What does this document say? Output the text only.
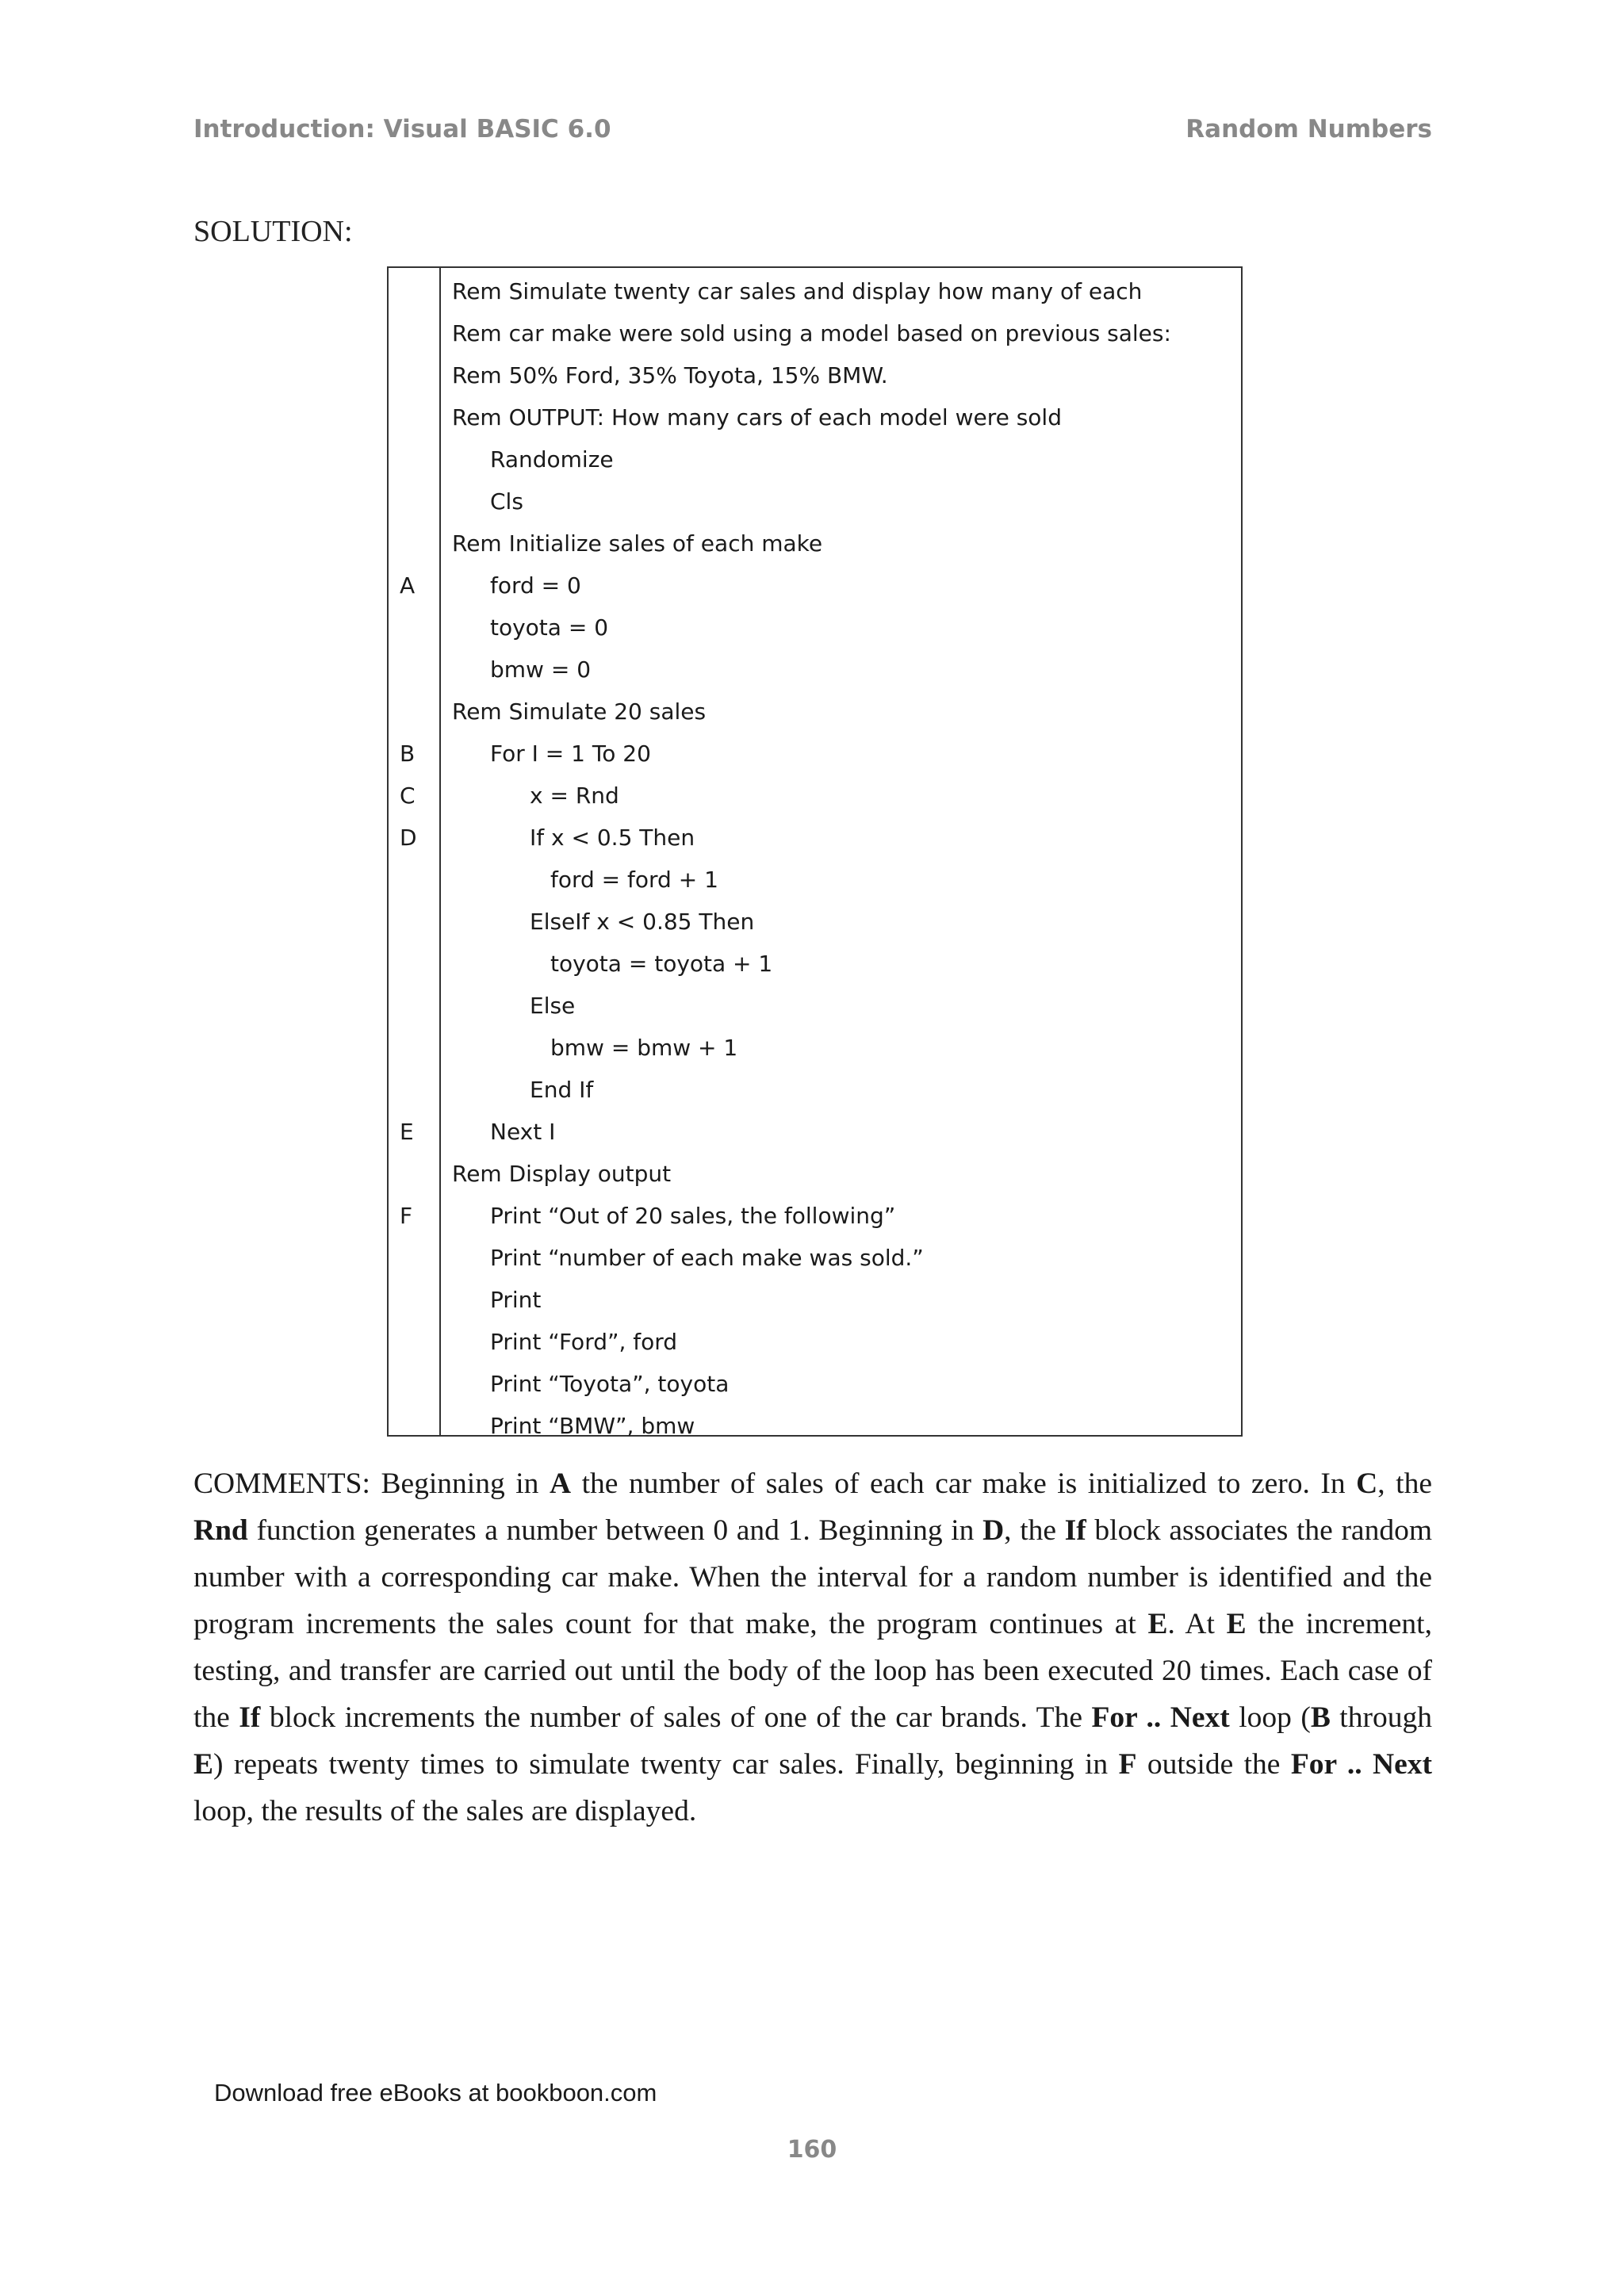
Introduction: Visual BASIC 6.0	Random Numbers
SOLUTION:
Rem Simulate twenty car sales and display how many of each
Rem car make were sold using a model based on previous sales:
Rem 50% Ford, 35% Toyota, 15% BMW.
Rem OUTPUT: How many cars of each model were sold
Randomize
Cls
Rem Initialize sales of each make
A	ford = 0
toyota = 0
bmw = 0
Rem Simulate 20 sales
B	For I = 1 To 20
C	x = Rnd
D	If x < 0.5 Then
ford = ford + 1
ElseIf x < 0.85 Then
toyota = toyota + 1
Else
bmw = bmw + 1
End If
E	Next I
Rem Display output
F	Print “Out of 20 sales, the following”
Print “number of each make was sold.”
Print
Print “Ford”, ford
Print “Toyota”, toyota
Print “BMW”, bmw
COMMENTS: Beginning in A the number of sales of each car make is initialized to zero. In C, the Rnd function generates a number between 0 and 1. Beginning in D, the If block associates the random number with a corresponding car make. When the interval for a random number is identified and the program increments the sales count for that make, the program continues at E. At E the increment, testing, and transfer are carried out until the body of the loop has been executed 20 times. Each case of the If block increments the number of sales of one of the car brands. The For .. Next loop (B through E) repeats twenty times to simulate twenty car sales. Finally, beginning in F outside the For .. Next loop, the results of the sales are displayed.
Download free eBooks at bookboon.com
160
